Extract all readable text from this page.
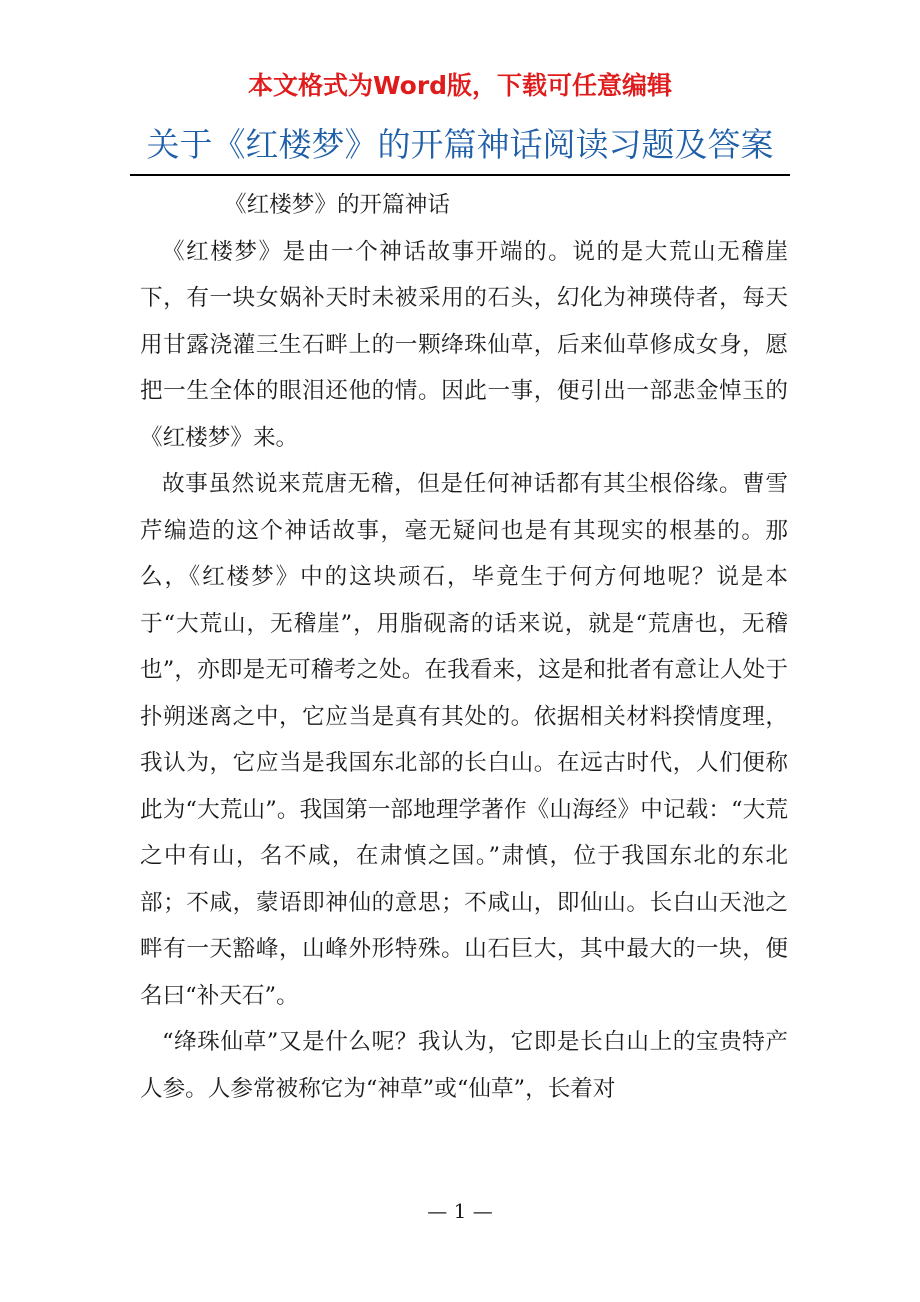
本文格式为Word版，下载可任意编辑
关于《红楼梦》的开篇神话阅读习题及答案

《红楼梦》的开篇神话

《红楼梦》是由一个神话故事开端的。说的是大荒山无稽崖下，有一块女娲补天时未被采用的石头，幻化为神瑛侍者，每天用甘露浇灌三生石畔上的一颗绛珠仙草，后来仙草修成女身，愿把一生全体的眼泪还他的情。因此一事，便引出一部悲金悼玉的《红楼梦》来。

故事虽然说来荒唐无稽，但是任何神话都有其尘根俗缘。曹雪芹编造的这个神话故事，毫无疑问也是有其现实的根基的。那么，《红楼梦》中的这块顽石，毕竟生于何方何地呢？说是本于“大荒山，无稽崖”，用脂砚斋的话来说，就是“荒唐也，无稽也”，亦即是无可稽考之处。在我看来，这是和批者有意让人处于扑朔迷离之中，它应当是真有其处的。依据相关材料揆情度理，我认为，它应当是我国东北部的长白山。在远古时代，人们便称此为“大荒山”。我国第一部地理学著作《山海经》中记载：“大荒之中有山，名不咸，在肃慎之国。”肃慎，位于我国东北的东北部；不咸，蒙语即神仙的意思；不咸山，即仙山。长白山天池之畔有一天豁峰，山峰外形特殊。山石巨大，其中最大的一块，便名曰“补天石”。

“绛珠仙草”又是什么呢？我认为，它即是长白山上的宝贵特产人参。人参常被称它为“神草”或“仙草”，长着对

— 1 —
